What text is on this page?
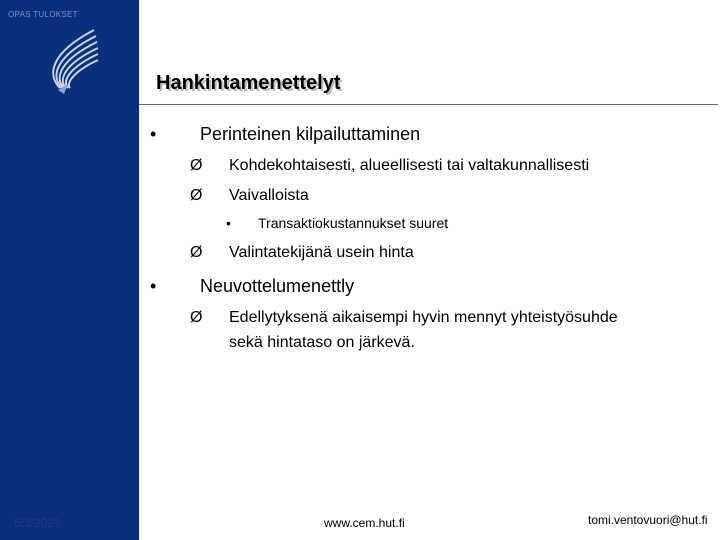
OPAS TULOKSET
6/3/2021
Hankintamenettelyt
• Perinteinen kilpailuttaminen
Ø Kohdekohtaisesti, alueellisesti tai valtakunnallisesti
Ø Vaivalloista
• Transaktiokustannukset suuret
Ø Valintatekijänä usein hinta
• Neuvottelumenettly
Ø Edellytyksenä aikaisempi hyvin mennyt yhteistyösuhde
sekä hintataso on järkevä.
www.cem.hut.fi	tomi.ventovuori@hut.fi
